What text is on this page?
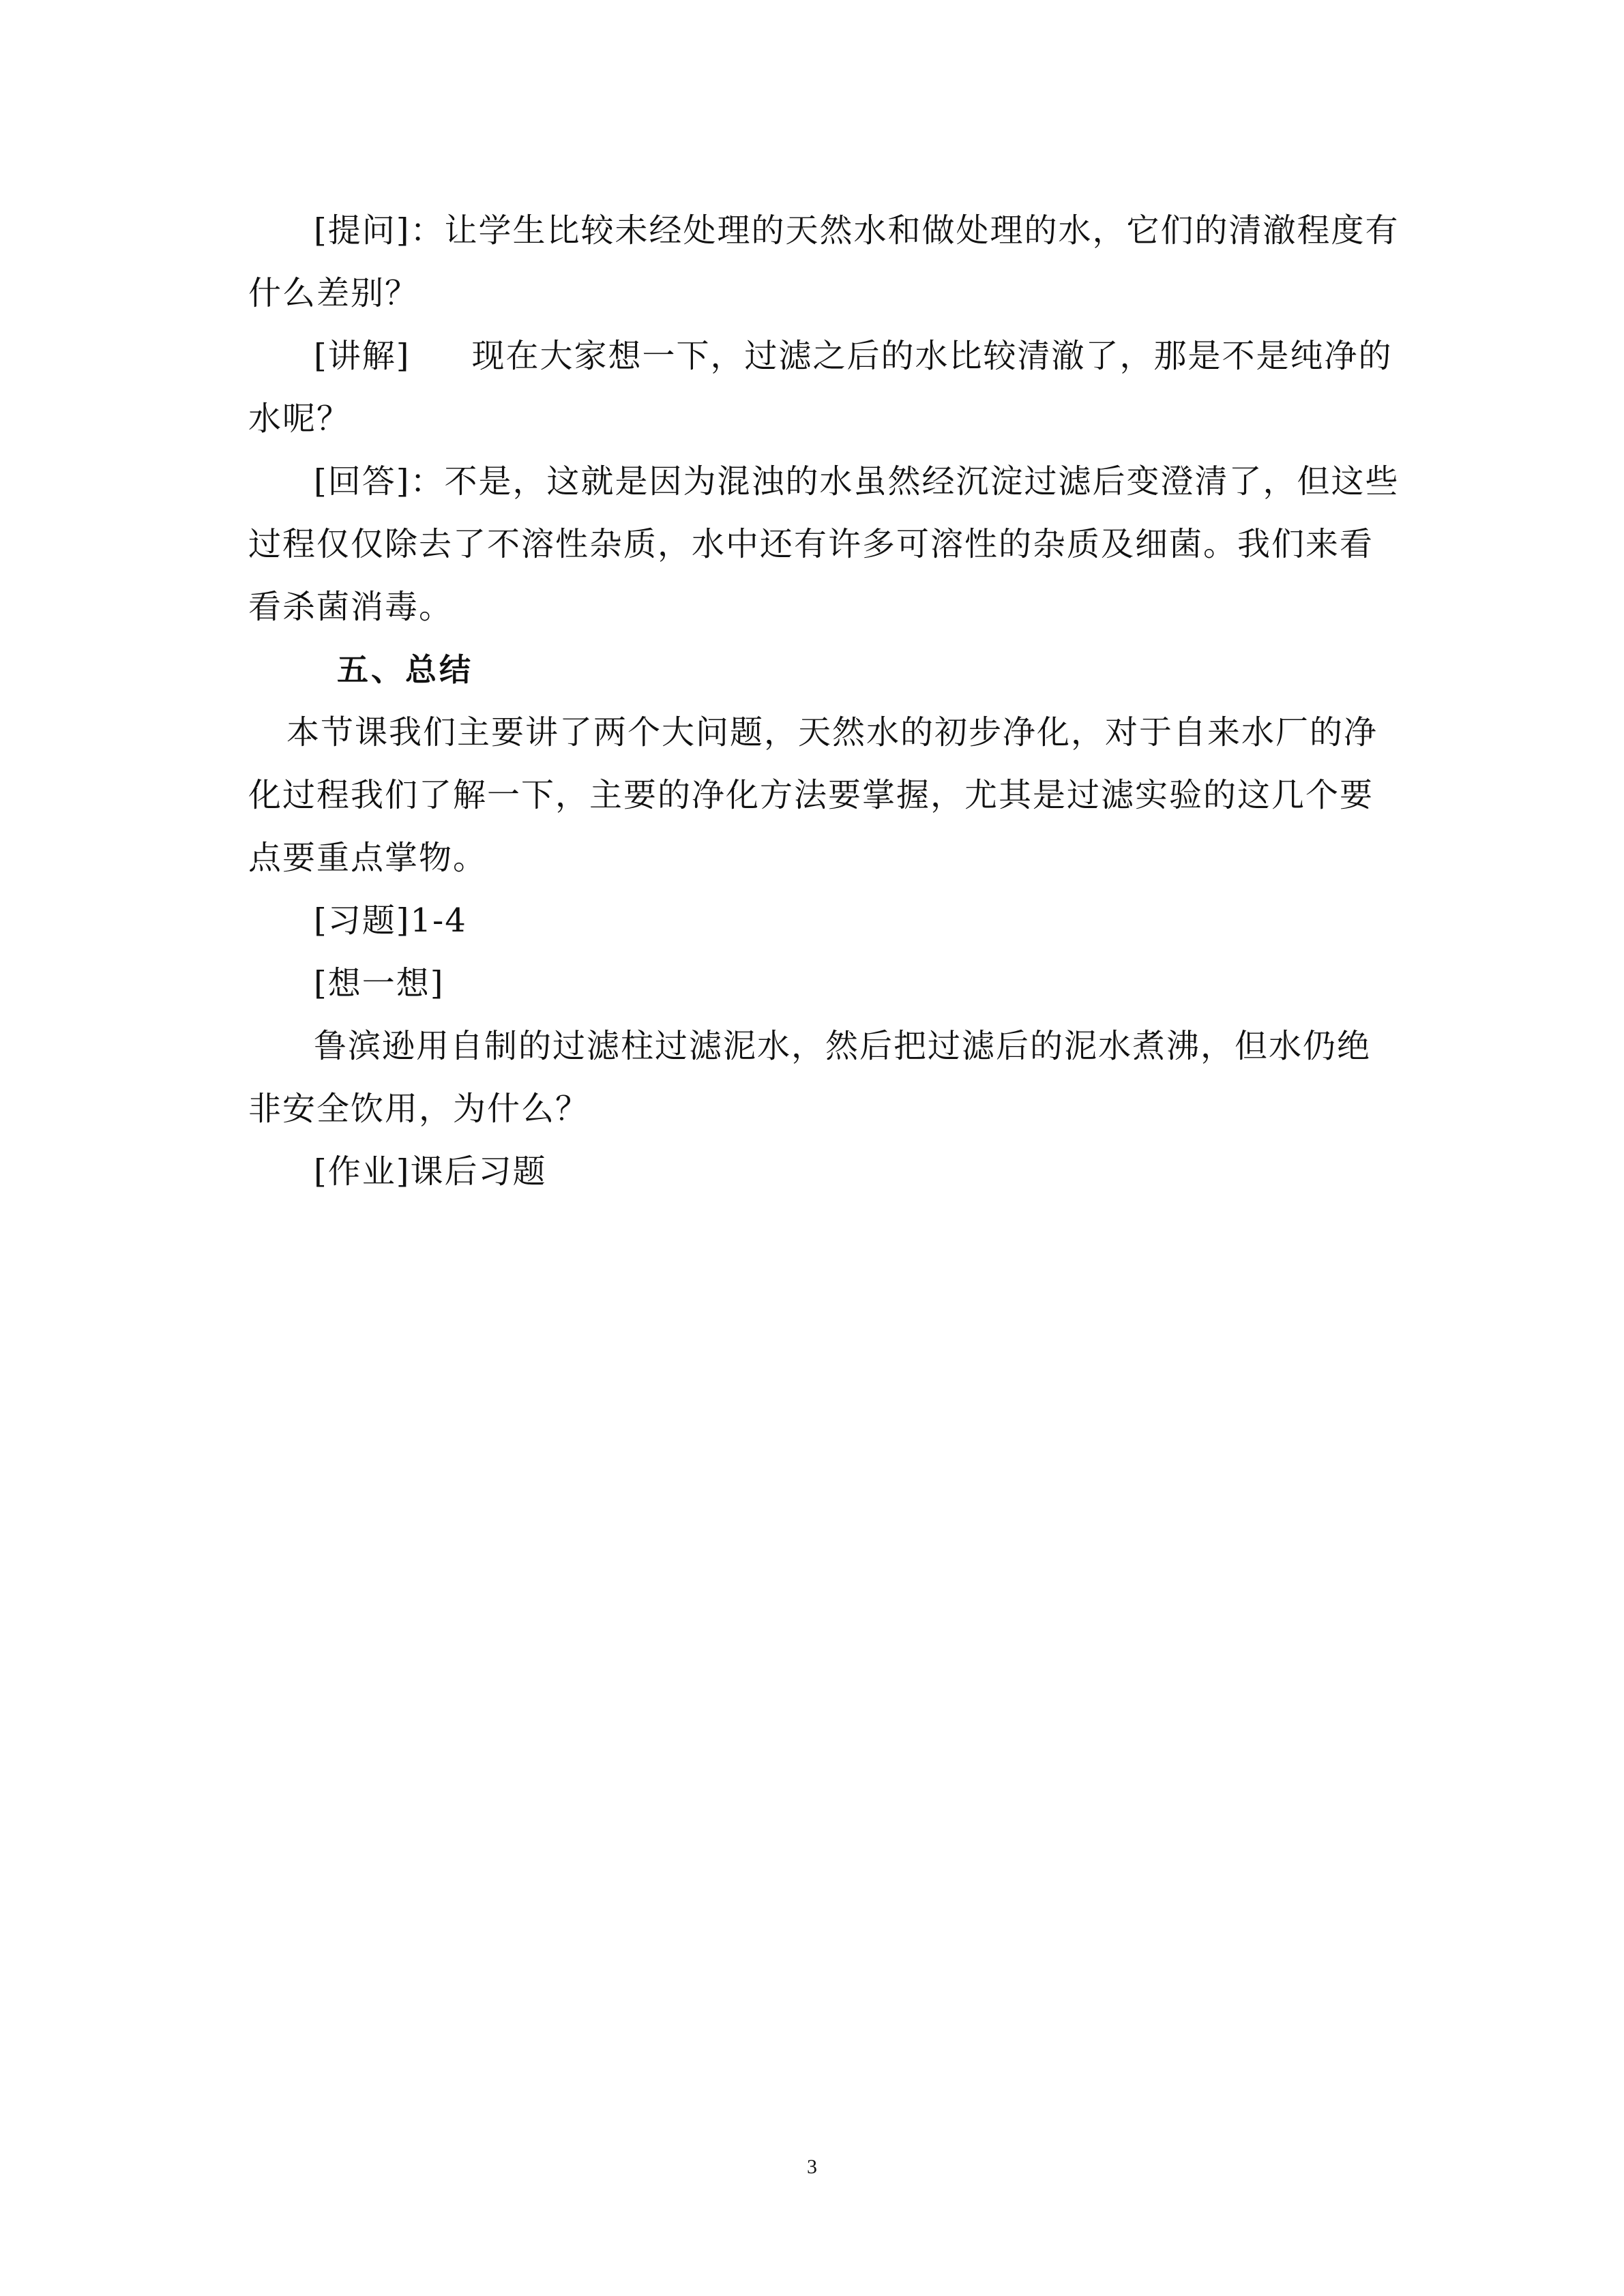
[提问]：让学生比较未经处理的天然水和做处理的水，它们的清澈程度有什么差别？

[讲解] 现在大家想一下，过滤之后的水比较清澈了，那是不是纯净的水呢？

[回答]：不是，这就是因为混浊的水虽然经沉淀过滤后变澄清了，但这些过程仅仅除去了不溶性杂质，水中还有许多可溶性的杂质及细菌。我们来看看杀菌消毒。

五、总结

本节课我们主要讲了两个大问题，天然水的初步净化，对于自来水厂的净化过程我们了解一下，主要的净化方法要掌握，尤其是过滤实验的这几个要点要重点掌物。

[习题]1-4

[想一想]

鲁滨逊用自制的过滤柱过滤泥水，然后把过滤后的泥水煮沸，但水仍绝非安全饮用，为什么？

[作业]课后习题

3
